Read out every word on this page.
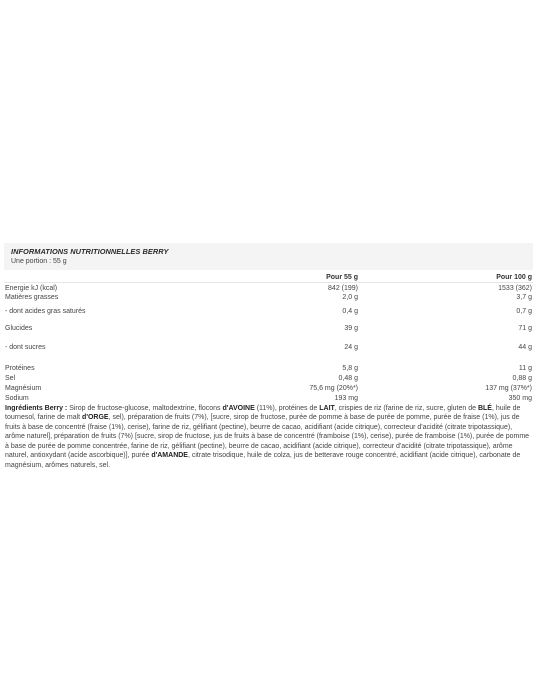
INFORMATIONS NUTRITIONNELLES BERRY
Une portion : 55 g
	Pour 55 g	Pour 100 g
Energie kJ (kcal)	842 (199)	1533 (362)
Matières grasses	2,0 g	3,7 g
- dont acides gras saturés	0,4 g	0,7 g
Glucides	39 g	71 g
- dont sucres	24 g	44 g
Protéines	5,8 g	11 g
Sel	0,48 g	0,88 g
Magnésium	75,6 mg (20%*)	137 mg (37%*)
Sodium	193 mg	350 mg
Ingrédients Berry : Sirop de fructose-glucose, maltodextrine, flocons d'AVOINE (11%), protéines de LAIT, crispies de riz (farine de riz, sucre, gluten de BLÉ, huile de tournesol, farine de malt d'ORGE, sel), préparation de fruits (7%), [sucre, sirop de fructose, purée de pomme à base de purée de pomme, purée de fraise (1%), jus de fruits à base de concentré (fraise (1%), cerise), farine de riz, gélifiant (pectine), beurre de cacao, acidifiant (acide citrique), correcteur d'acidité (citrate tripotassique), arôme naturel], préparation de fruits (7%) [sucre, sirop de fructose, jus de fruits à base de concentré (framboise (1%), cerise), purée de framboise (1%), purée de pomme à base de purée de pomme concentrée, farine de riz, gélifiant (pectine), beurre de cacao, acidifiant (acide citrique), correcteur d'acidité (citrate tripotassique), arôme naturel, antioxydant (acide ascorbique)], purée d'AMANDE, citrate trisodique, huile de colza, jus de betterave rouge concentré, acidifiant (acide citrique), carbonate de magnésium, arômes naturels, sel.
